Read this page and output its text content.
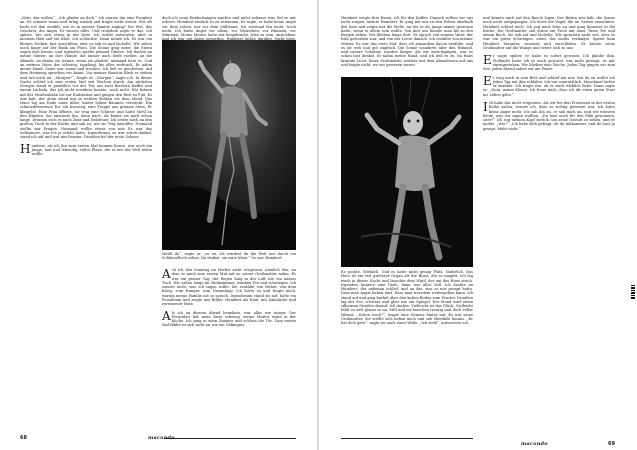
„Nein, das wollen“. „Ich glaube an dich.“ Ich starrte ihn eine Ewigkeit an. Er schaute warm und ruhig zurück und fragte nicht weiter. Wie oft hatte ich ihm erzählt, wie es in meiner Familie zuging? Die Wut, das Geschrei, die Angst. Er wusste alles. Und trotzdem sagte er das. Ich spürte, wie sich etwas in mir löste. Ich wollte antworten, aber in meinem Hals saß ein Kloß. Ich schluckte. Dann nickte ich. Es war ein kleines Nicken, fast unsichtbar, aber er sah es und lächelte. Wir saßen noch lange auf der Bank am Fluss. Die Sonne ging unter, die Enten zogen ihre Kreise, und irgendwo spielte jemand Gitarre. Ich dachte an meine Mutter, an ihre Hände, die immer nach Seife rochen, an die Abende, an denen sie weinte, wenn sie glaubte, niemand höre es. Und an meinen Vater, der schwieg, tagelang, bis alles zerbrach. Er nahm meine Hand. Seine war warm und trocken. Ich ließ es geschehen. Auf dem Heimweg sprachen wir kaum. Vor meiner Haustür blieb er stehen und sah mich an. „Morgen?“, fragte er. „Morgen“, sagte ich. In dieser Nacht schlief ich zum ersten Mal seit Wochen durch. Am nächsten Morgen stand er pünktlich vor der Tür, mit zwei Bechern Kaffee und einem Lächeln, das ich nicht erwidern konnte, noch nicht. Wir fuhren mit der Straßenbahn bis zur Endstation und gingen den Rest zu Fuß. Es war kalt, der Atem stand uns in weißen Wolken vor dem Mund. Das Haus lag am Ende einer Allee, hinter hohen Bäumen versteckt. Ein schmiedeeisernes Tor, ein Kiesweg, eine Treppe aus grauem Stein. Er klingelte. Eine Frau öffnete, sie trug eine Schürze und hatte Mehl an den Händen. Sie umarmte ihn, dann mich, als kenne sie mich schon lange. Drinnen roch es nach Zimt und Holzfeuer. Ich setzte mich an den großen Tisch in der Küche und sah zu, wie sie Teig ausrollte. Niemand stellte mir Fragen. Niemand wollte etwas von mir. Es war das Seltsamste, was ich je erlebt hatte. Irgendwann, es war schon dunkel, stand ich auf und trat ans Fenster. Draußen fiel der erste Schnee.

Humbert, als ich ihn zum ersten Mal kennen lernte, war noch ein Junge, laut und lebendig, voller Pläne, die er mit der Welt teilen wollte.

doch ich neue Entdeckungen machte und nicht zuhause war, fiel es mir schwer, Humbert einfach so zu vertrauen. Er sagte, er habe keine Angst vor dem Leben, nur vor dem Stillstand. Ich verstand ihn nicht. Noch nicht. Ich hatte Angst vor allem, vor Menschen, vor Räumen, vor Stimmen. Meine Mutter hatte mir beigebracht, leise zu sein, unsichtbar,

Weißt du“, sagte er, „es ist, als würdest du die Welt nur durch ein Schlüsselloch sehen. Du denkst, sie wäre klein.“ So war Humbert.

Ach ich den Sonntag im Herbst nicht vergessen, nämlich den, an dem er mich zum ersten Mal mit zu seiner Großmutter nahm. Es war ein grauer Tag, der Regen hing in der Luft wie ein nasses Tuch. Wir saßen lange im Wohnzimmer, tranken Tee und schwiegen. Ich wusste nicht, was ich sagen sollte. Sie erzählte von früher, von dem Krieg, vom Hunger, vom Neuanfang. Ich hörte zu und fragte mich, warum meine Familie nie so sprach. Irgendwann stand sie auf, holte ein Fotoalbum und zeigte mir Bilder. Humbert als Kind, mit Zahnlücke und zerrissener Hose.

Als ich an diesem Abend heimkam, war alles wie immer. Der Fernseher lief, mein Vater schwieg, meine Mutter stand in der Küche. Ich ging in mein Zimmer und schloss die Tür. Zum ersten Mal fühlte es sich nicht an wie ein Gefängnis.

68	macondo

Humbert sorgte fürs Essen, ich für den Kaffee. Danach sollten wir uns nicht sorgen, meinte Humbert. Er ging mit mir zu den Felsen oberhalb des Sees und zeigte mir die Stelle, an der er als Junge immer gesessen hatte, wenn er allein sein wollte. Von dort aus konnte man bis zu den Bergen sehen. Wir blieben lange dort. Er sprach von seinem Vater, der früh gestorben war, und von der Leere danach. Ich erzählte von meiner Mutter. Es war das erste Mal, dass ich jemandem davon erzählte, und es tat weh und gut zugleich. Die Sonne wanderte über den Himmel, und unsere Schatten wurden länger. Als wir zurückgingen, war es schon fast dunkel. Er nahm meine Hand, und ich ließ es zu. Im Haus brannte Licht. Seine Großmutter wartete mit dem Abendessen auf uns und fragte nicht, wo wir gewesen waren.

Es pochte. Wirklich. Und es hatte nicht genug Platz. Natürlich. Das Herz ist ein viel größeres Organ als die Brust, die es umgibt. Ich lag wach in dieser Nacht und lauschte dem Wind, der um das Haus strich. Irgendwo knarrte eine Diele, dann war alles still. Ich dachte an Humbert, der nebenan schlief, und an das, was er mir gesagt hatte. Dass man Angst haben darf. Dass man trotzdem weitergehen kann. Ich stand auf und ging barfuß über den kalten Boden zum Fenster. Draußen lag der See, schwarz und glatt wie ein Spiegel. Der Mond warf einen silbernen Streifen darauf. Ich dachte: Vielleicht ist das Glück. Vielleicht fühlt es sich genau so an. Still und ein bisschen traurig und doch voller Wärme. „Schon wach?“, fragte eine Stimme hinter mir. Es war seine Großmutter. Sie stellte sich neben mich und sah ebenfalls hinaus. „Er hat dich gern“, sagte sie nach einer Weile. „Ich weiß“, antwortete ich.

und könnte mich auf den Bauch legen. Der Boden war kalt, die Sonne noch nicht aufgegangen. Ich hörte die Vögel, die im Garten erwachten. Humbert schlief noch. Ich zog mich leise an und ging hinunter in die Küche. Die Großmutter saß schon am Tisch mit einer Tasse Tee und einem Buch. Sie sah auf und lächelte. Wir sprachen nicht viel, aber es war ein gutes Schweigen, eines, das nichts verlangte. Später kam Humbert herunter, zerzaust und verschlafen. Er küsste seine Großmutter auf die Wange und setzte sich zu uns.

Er sagte später, er habe es sofort gewusst. Ich glaube ihm. Vielleicht hatte ich es auch gewusst, nur nicht gewagt, es mir einzugestehen. Wir blieben eine Woche. Jeden Tag gingen wir zum See, jeden Abend saßen wir am Feuer.

Er trug mich in sein Bett und schlief mit mir. Von da an wollte ich jeden Tag mit ihm schlafen. Ich war unersättlich. Manchmal lachte er darüber. Ich fragte ihn, ob er mich wirklich liebe. Dann sagte er: „Nein, meine Kleine. Ich freue mich, dass ich dir einen guten Start ins Leben gebe.“

Ich habe das nicht vergessen. Als wir bei den Prozessen in der ersten Reihe saßen, wusste ich, dass es richtig gewesen war. Ich hatte keine Angst mehr. Ich sah ihn an, er sah mich an, und wir wussten beide, was wir sagen wollten. „Du hast mich für den Film gewonnen, oder?“ Ich zog meinen Kopf zurück, um seine Gestalt zu sehen, und er nickte. „Wie?“ „Ich habe dich gefragt, ob du mitkommst, und du hast Ja gesagt. Mehr nicht.“

macondo	69
